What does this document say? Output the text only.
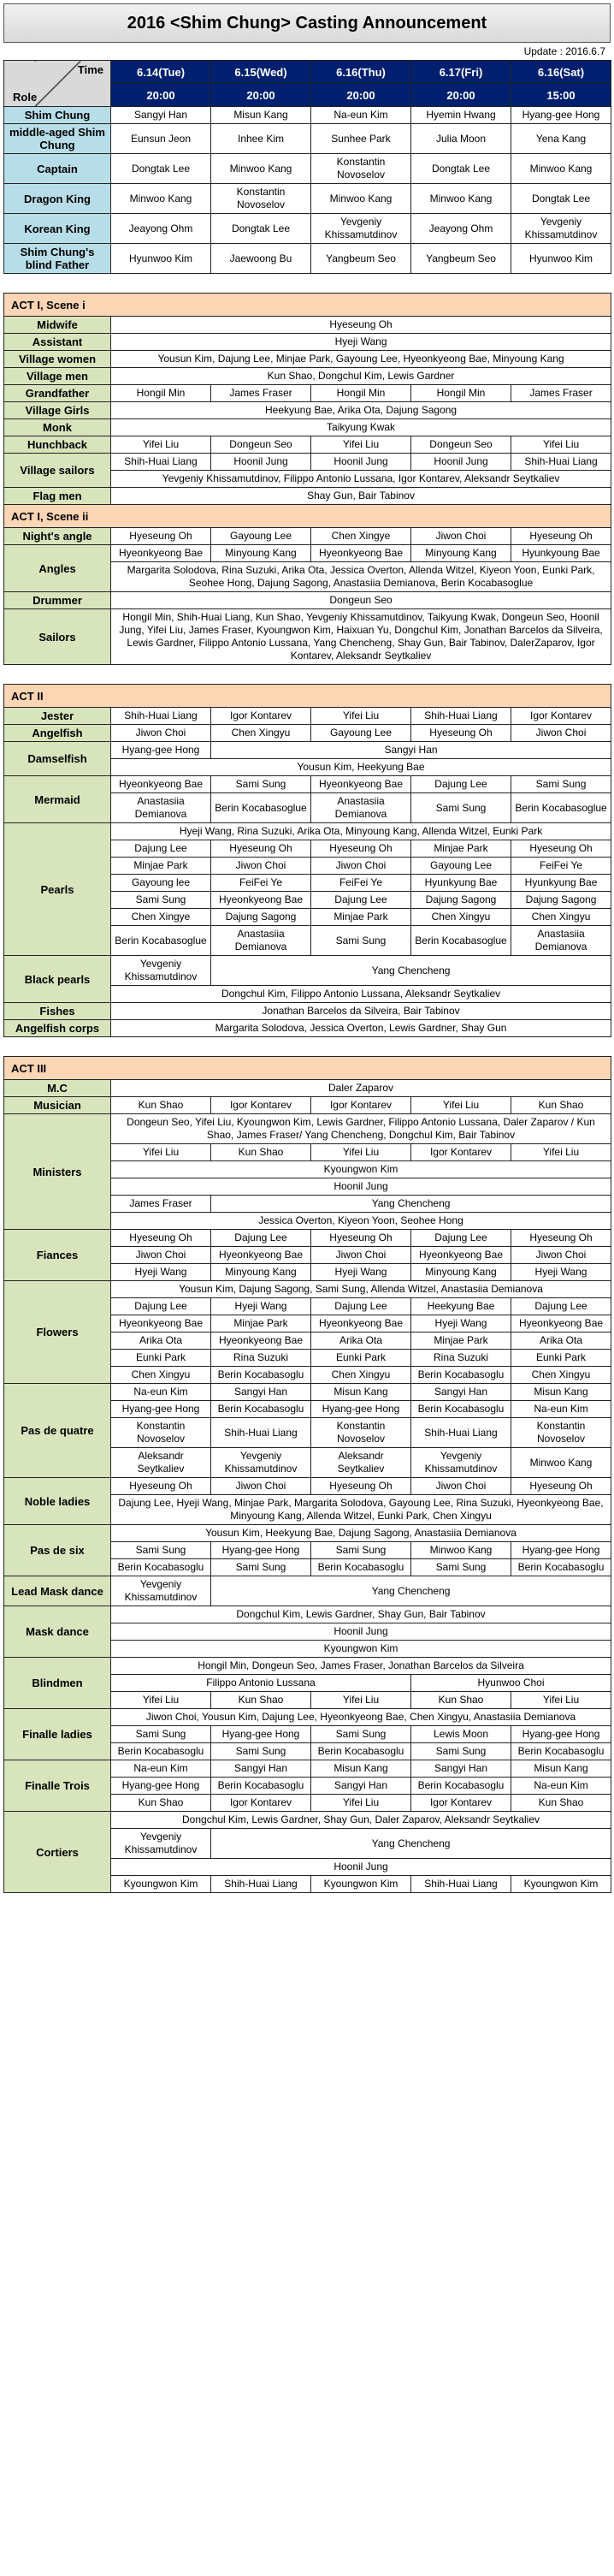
2016 <Shim Chung> Casting Announcement
Update : 2016.6.7
Time
Role	6.14(Tue)	6.15(Wed)	6.16(Thu)	6.17(Fri)	6.16(Sat)
	20:00	20:00	20:00	20:00	15:00
Shim Chung	Sangyi Han	Misun Kang	Na-eun Kim	Hyemin Hwang	Hyang-gee Hong
middle-aged Shim Chung	Eunsun Jeon	Inhee Kim	Sunhee Park	Julia Moon	Yena Kang
Captain	Dongtak Lee	Minwoo Kang	Konstantin Novoselov	Dongtak Lee	Minwoo Kang
Dragon King	Minwoo Kang	Konstantin Novoselov	Minwoo Kang	Minwoo Kang	Dongtak Lee
Korean King	Jeayong Ohm	Dongtak Lee	Yevgeniy Khissamutdinov	Jeayong Ohm	Yevgeniy Khissamutdinov
Shim Chung's blind Father	Hyunwoo Kim	Jaewoong Bu	Yangbeum Seo	Yangbeum Seo	Hyunwoo Kim
ACT I, Scene i					
Midwife	Hyeseung Oh				
Assistant	Hyeji Wang				
Village women	Yousun Kim, Dajung Lee, Minjae Park, Gayoung Lee, Hyeonkyeong Bae, Minyoung Kang				
Village men	Kun Shao, Dongchul Kim, Lewis Gardner				
Grandfather	Hongil Min	James Fraser	Hongil Min	Hongil Min	James Fraser
Village Girls	Heekyung Bae, Arika Ota, Dajung Sagong				
Monk	Taikyung Kwak				
Hunchback	Yifei Liu	Dongeun Seo	Yifei Liu	Dongeun Seo	Yifei Liu
Village sailors	Shih-Huai Liang	Hoonil Jung	Hoonil Jung	Hoonil Jung	Shih-Huai Liang
	Yevgeniy Khissamutdinov, Filippo Antonio Lussana, Igor Kontarev, Aleksandr Seytkaliev				
Flag men	Shay Gun, Bair Tabinov				
ACT I, Scene ii					
Night's angle	Hyeseung Oh	Gayoung Lee	Chen Xingye	Jiwon Choi	Hyeseung Oh
Angles	Hyeonkyeong Bae	Minyoung Kang	Hyeonkyeong Bae	Minyoung Kang	Hyunkyoung Bae
	Margarita Solodova, Rina Suzuki, Arika Ota, Jessica Overton, Allenda Witzel, Kiyeon Yoon, Eunki Park, Seohee Hong, Dajung Sagong, Anastasiia Demianova, Berin Kocabasoglue				
Drummer	Dongeun Seo				
Sailors	Hongil Min, Shih-Huai Liang, Kun Shao, Yevgeniy Khissamutdinov, Taikyung Kwak, Dongeun Seo, Hoonil Jung, Yifei Liu, James Fraser, Kyoungwon Kim, Haixuan Yu, Dongchul Kim, Jonathan Barcelos da Silveira, Lewis Gardner, Filippo Antonio Lussana, Yang Chencheng, Shay Gun, Bair Tabinov, DalerZaparov, Igor Kontarev, Aleksandr Seytkaliev				
ACT II					
Jester	Shih-Huai Liang	Igor Kontarev	Yifei Liu	Shih-Huai Liang	Igor Kontarev
Angelfish	Jiwon Choi	Chen Xingyu	Gayoung Lee	Hyeseung Oh	Jiwon Choi
Damselfish	Hyang-gee Hong	Sangyi Han			
	Yousun Kim, Heekyung Bae				
Mermaid	Hyeonkyeong Bae	Sami Sung	Hyeonkyeong Bae	Dajung Lee	Sami Sung
	Anastasiia Demianova	Berin Kocabasoglue	Anastasiia Demianova	Sami Sung	Berin Kocabasoglue
Pearls	Hyeji Wang, Rina Suzuki, Arika Ota, Minyoung Kang, Allenda Witzel, Eunki Park				
	Dajung Lee	Hyeseung Oh	Hyeseung Oh	Minjae Park	Hyeseung Oh
	Minjae Park	Jiwon Choi	Jiwon Choi	Gayoung Lee	FeiFei Ye
	Gayoung lee	FeiFei Ye	FeiFei Ye	Hyunkyung Bae	Hyunkyung Bae
	Sami Sung	Hyeonkyeong Bae	Dajung Lee	Dajung Sagong	Dajung Sagong
	Chen Xingye	Dajung Sagong	Minjae Park	Chen Xingyu	Chen Xingyu
	Berin Kocabasoglue	Anastasiia Demianova	Sami Sung	Berin Kocabasoglue	Anastasiia Demianova
Black pearls	Yevgeniy Khissamutdinov	Yang Chencheng			
	Dongchul Kim, Filippo Antonio Lussana, Aleksandr Seytkaliev				
Fishes	Jonathan Barcelos da Silveira, Bair Tabinov				
Angelfish corps	Margarita Solodova, Jessica Overton, Lewis Gardner, Shay Gun				
ACT III					
M.C	Daler Zaparov				
Musician	Kun Shao	Igor Kontarev	Igor Kontarev	Yifei Liu	Kun Shao
Ministers	Dongeun Seo, Yifei Liu, Kyoungwon Kim, Lewis Gardner, Filippo Antonio Lussana, Daler Zaparov / Kun Shao, James Fraser/ Yang Chencheng, Dongchul Kim, Bair Tabinov				
	Yifei Liu	Kun Shao	Yifei Liu	Igor Kontarev	Yifei Liu
	Kyoungwon Kim				
	Hoonil Jung				
	James Fraser	Yang Chencheng			
	Jessica Overton, Kiyeon Yoon, Seohee Hong				
Fiances	Hyeseung Oh	Dajung Lee	Hyeseung Oh	Dajung Lee	Hyeseung Oh
	Jiwon Choi	Hyeonkyeong Bae	Jiwon Choi	Hyeonkyeong Bae	Jiwon Choi
	Hyeji Wang	Minyoung Kang	Hyeji Wang	Minyoung Kang	Hyeji Wang
Flowers	Yousun Kim, Dajung Sagong, Sami Sung, Allenda Witzel, Anastasiia Demianova				
	Dajung Lee	Hyeji Wang	Dajung Lee	Heekyung Bae	Dajung Lee
	Hyeonkyeong Bae	Minjae Park	Hyeonkyeong Bae	Hyeji Wang	Hyeonkyeong Bae
	Arika Ota	Hyeonkyeong Bae	Arika Ota	Minjae Park	Arika Ota
	Eunki Park	Rina Suzuki	Eunki Park	Rina Suzuki	Eunki Park
	Chen Xingyu	Berin Kocabasoglu	Chen Xingyu	Berin Kocabasoglu	Chen Xingyu
Pas de quatre	Na-eun Kim	Sangyi Han	Misun Kang	Sangyi Han	Misun Kang
	Hyang-gee Hong	Berin Kocabasoglu	Hyang-gee Hong	Berin Kocabasoglu	Na-eun Kim
	Konstantin Novoselov	Shih-Huai Liang	Konstantin Novoselov	Shih-Huai Liang	Konstantin Novoselov
	Aleksandr Seytkaliev	Yevgeniy Khissamutdinov	Aleksandr Seytkaliev	Yevgeniy Khissamutdinov	Minwoo Kang
Noble ladies	Hyeseung Oh	Jiwon Choi	Hyeseung Oh	Jiwon Choi	Hyeseung Oh
	Dajung Lee, Hyeji Wang, Minjae Park, Margarita Solodova, Gayoung Lee, Rina Suzuki, Hyeonkyeong Bae, Minyoung Kang, Allenda Witzel, Eunki Park, Chen Xingyu				
Pas de six	Yousun Kim, Heekyung Bae, Dajung Sagong, Anastasiia Demianova				
	Sami Sung	Hyang-gee Hong	Sami Sung	Minwoo Kang	Hyang-gee Hong
	Berin Kocabasoglu	Sami Sung	Berin Kocabasoglu	Sami Sung	Berin Kocabasoglu
Lead Mask dance	Yevgeniy Khissamutdinov	Yang Chencheng			
Mask dance	Dongchul Kim, Lewis Gardner, Shay Gun, Bair Tabinov				
	Hoonil Jung				
	Kyoungwon Kim				
Blindmen	Hongil Min, Dongeun Seo, James Fraser, Jonathan Barcelos da Silveira				
	Filippo Antonio Lussana			Hyunwoo Choi	
	Yifei Liu	Kun Shao	Yifei Liu	Kun Shao	Yifei Liu
Finalle ladies	Jiwon Choi, Yousun Kim, Dajung Lee, Hyeonkyeong Bae, Chen Xingyu, Anastasiia Demianova				
	Sami Sung	Hyang-gee Hong	Sami Sung	Lewis Moon	Hyang-gee Hong
	Berin Kocabasoglu	Sami Sung	Berin Kocabasoglu	Sami Sung	Berin Kocabasoglu
Finalle Trois	Na-eun Kim	Sangyi Han	Misun Kang	Sangyi Han	Misun Kang
	Hyang-gee Hong	Berin Kocabasoglu	Sangyi Han	Berin Kocabasoglu	Na-eun Kim
	Kun Shao	Igor Kontarev	Yifei Liu	Igor Kontarev	Kun Shao
Cortiers	Dongchul Kim, Lewis Gardner, Shay Gun, Daler Zaparov, Aleksandr Seytkaliev				
	Yevgeniy Khissamutdinov	Yang Chencheng			
	Hoonil Jung				
	Kyoungwon Kim	Shih-Huai Liang	Kyoungwon Kim	Shih-Huai Liang	Kyoungwon Kim
